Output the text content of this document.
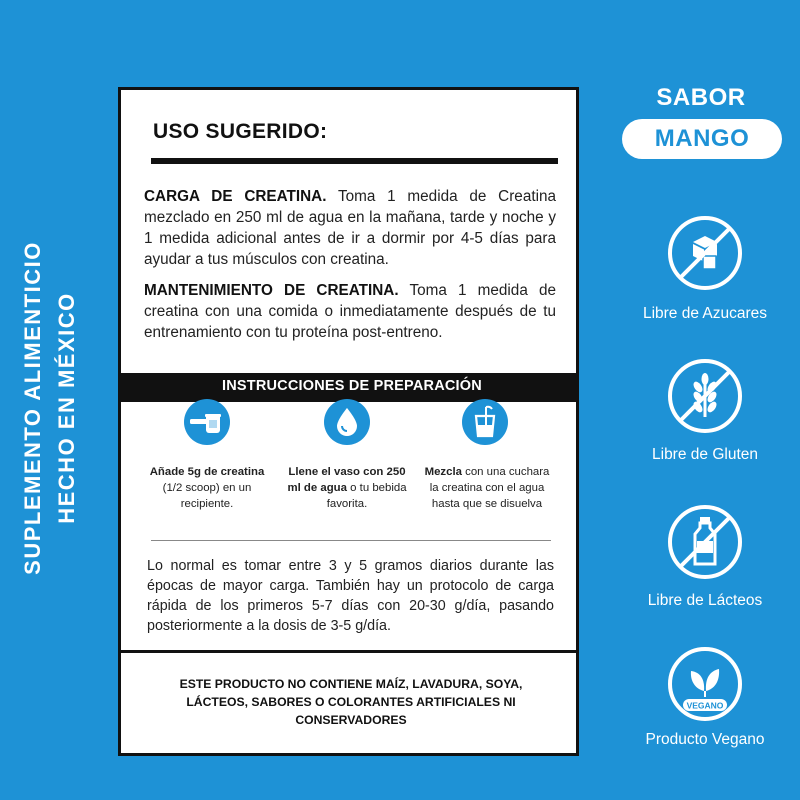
SUPLEMENTO ALIMENTICIO HECHO EN MÉXICO
USO SUGERIDO:
CARGA DE CREATINA. Toma 1 medida de Creatina mezclado en 250 ml de agua en la mañana, tarde y noche y 1 medida adicional antes de ir a dormir por 4-5 días para ayudar a tus músculos con creatina.
MANTENIMIENTO DE CREATINA. Toma 1 medida de creatina con una comida o inmediatamente después de tu entrenamiento con tu proteína post-entreno.
INSTRUCCIONES DE PREPARACIÓN
Añade 5g de creatina (1/2 scoop) en un recipiente.
Llene el vaso con 250 ml de agua o tu bebida favorita.
Mezcla con una cuchara la creatina con el agua hasta que se disuelva
Lo normal es tomar entre 3 y 5 gramos diarios durante las épocas de mayor carga. También hay un protocolo de carga rápida de los primeros 5-7 días con 20-30 g/día, pasando posteriormente a la dosis de 3-5 g/día.
ESTE PRODUCTO NO CONTIENE MAÍZ, LAVADURA, SOYA, LÁCTEOS, SABORES O COLORANTES ARTIFICIALES NI CONSERVADORES
SABOR
MANGO
Libre de Azucares
Libre de Gluten
Libre de Lácteos
VEGANO
Producto Vegano
